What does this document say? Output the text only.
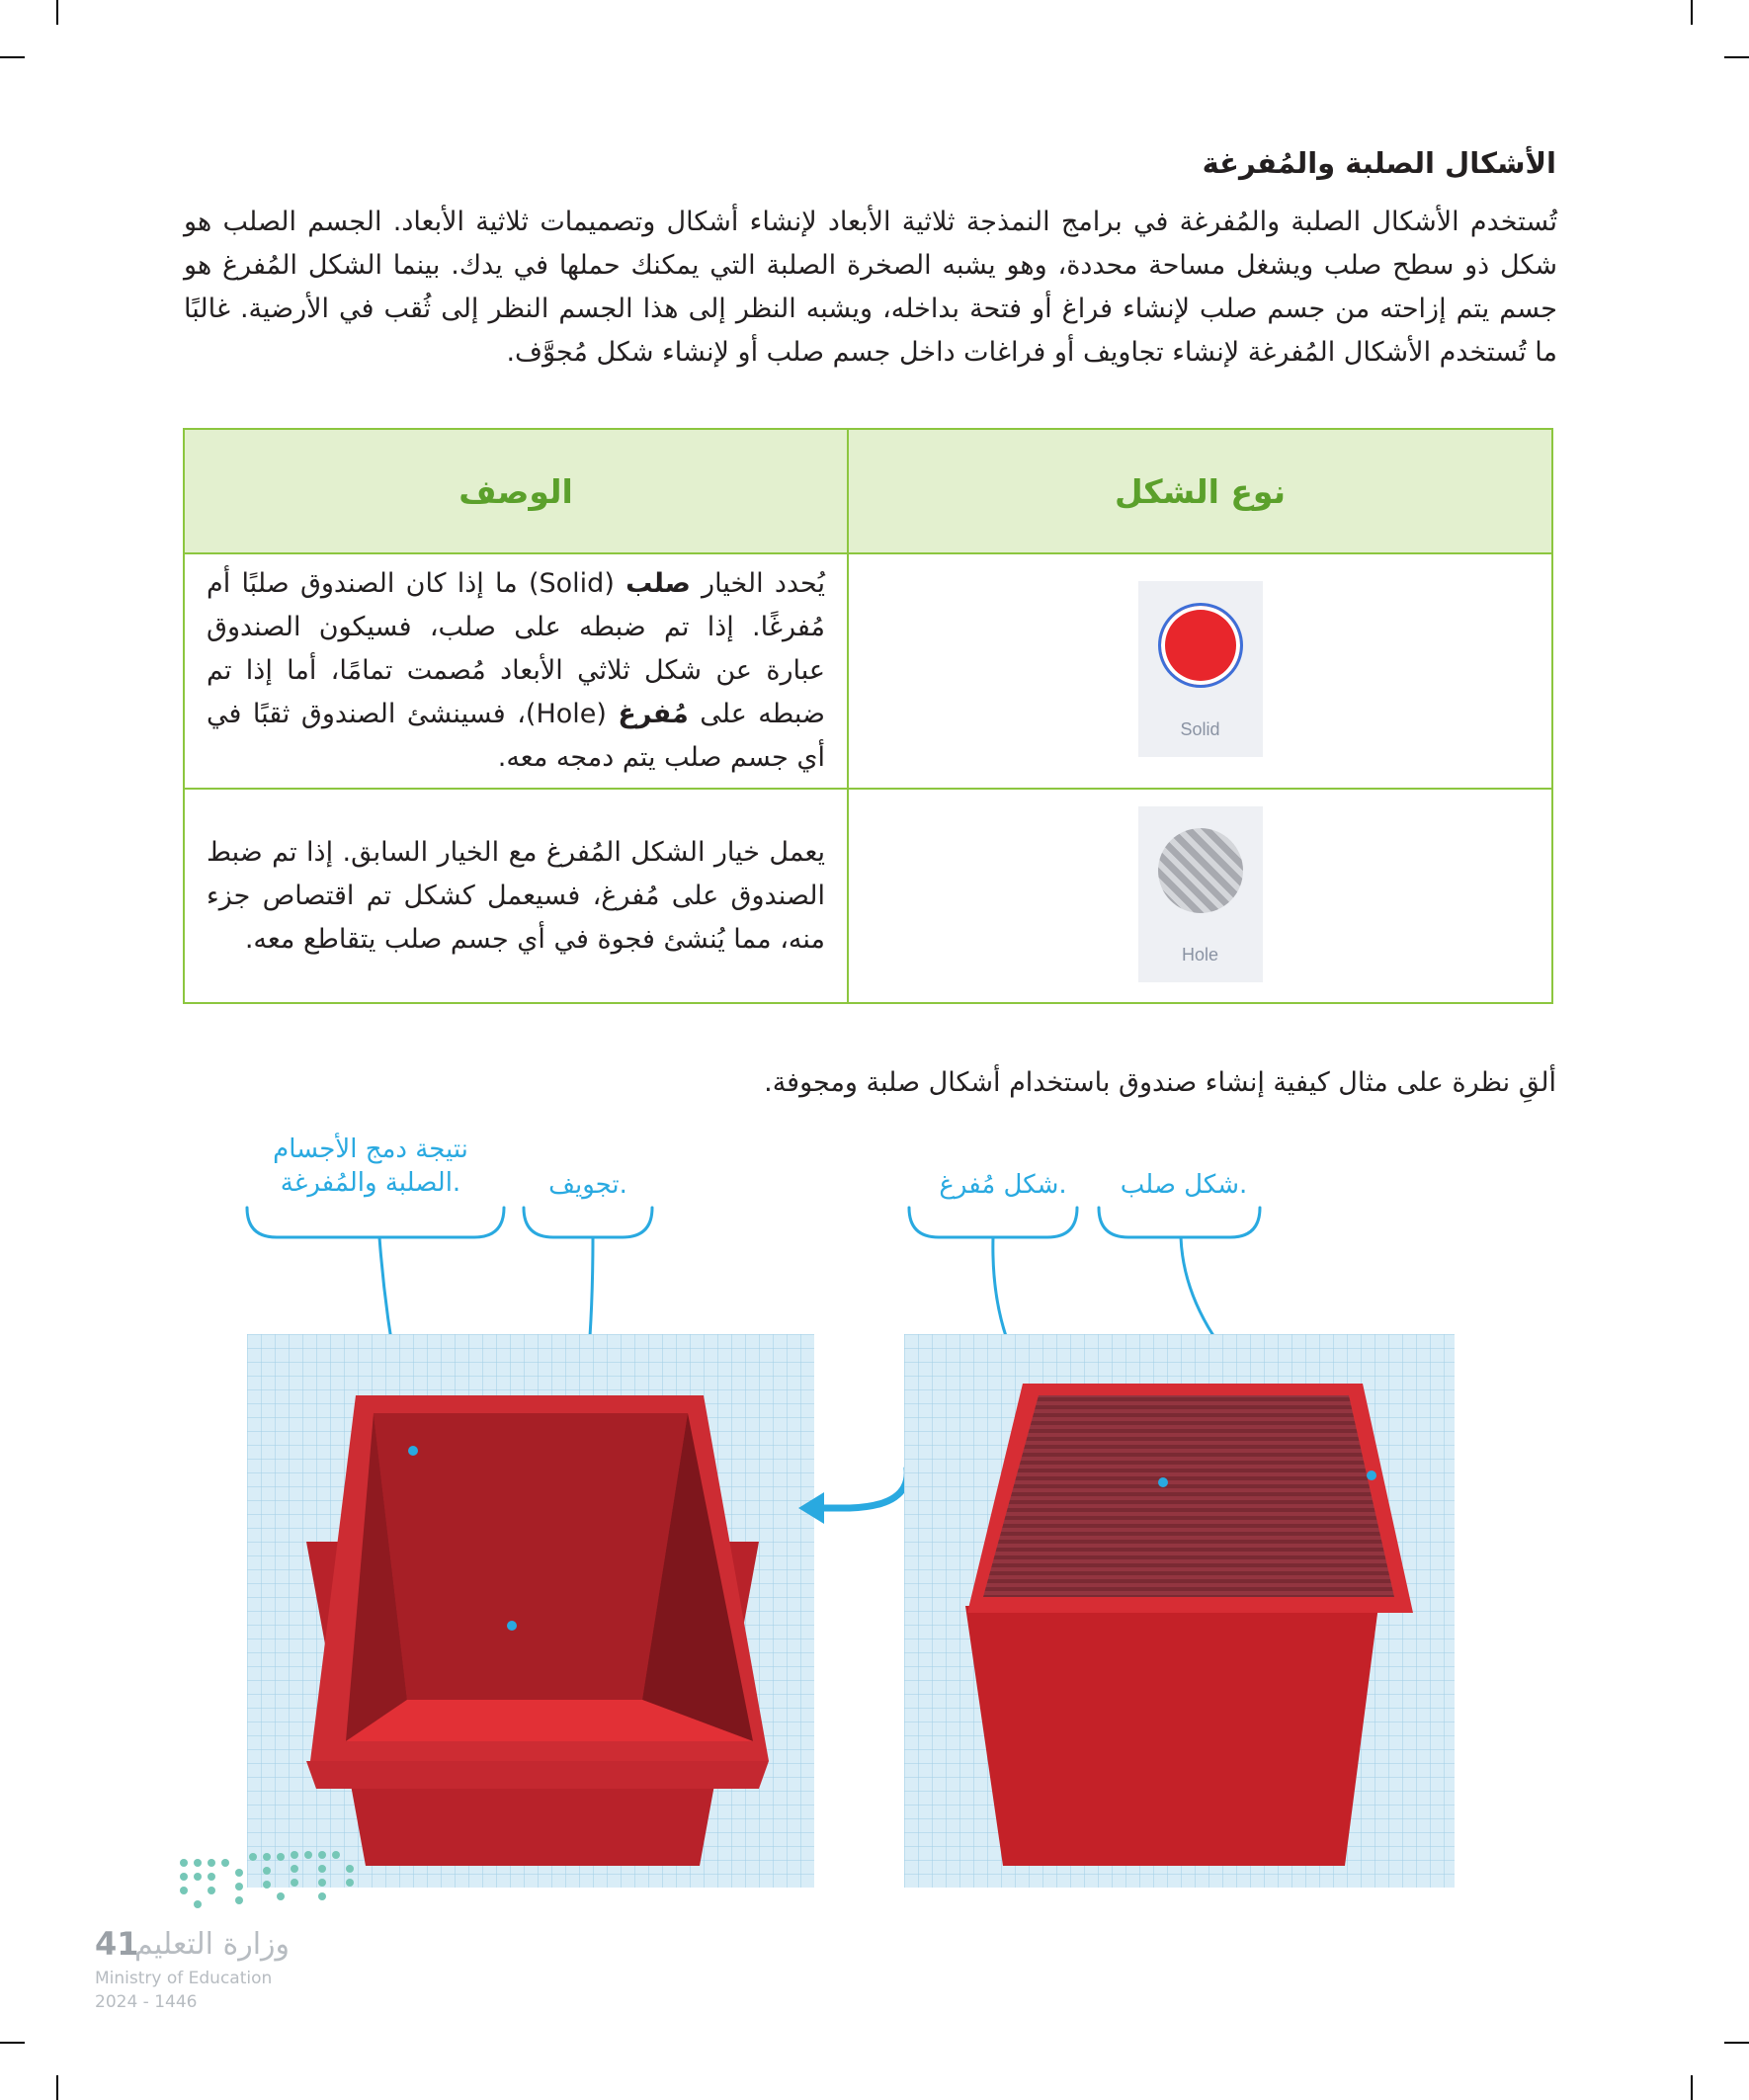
الأشكال الصلبة والمُفرغة
تُستخدم الأشكال الصلبة والمُفرغة في برامج النمذجة ثلاثية الأبعاد لإنشاء أشكال وتصميمات ثلاثية الأبعاد. الجسم الصلب هو شكل ذو سطح صلب ويشغل مساحة محددة، وهو يشبه الصخرة الصلبة التي يمكنك حملها في يدك. بينما الشكل المُفرغ هو جسم يتم إزاحته من جسم صلب لإنشاء فراغ أو فتحة بداخله، ويشبه النظر إلى هذا الجسم النظر إلى ثُقب في الأرضية. غالبًا ما تُستخدم الأشكال المُفرغة لإنشاء تجاويف أو فراغات داخل جسم صلب أو لإنشاء شكل مُجوَّف.
نوع الشكل	الوصف

Solid	يُحدد الخيار صلب (Solid) ما إذا كان الصندوق صلبًا أم مُفرغًا. إذا تم ضبطه على صلب، فسيكون الصندوق عبارة عن شكل ثلاثي الأبعاد مُصمت تمامًا، أما إذا تم ضبطه على مُفرغ (Hole)، فسينشئ الصندوق ثقبًا في أي جسم صلب يتم دمجه معه.

Hole	يعمل خيار الشكل المُفرغ مع الخيار السابق. إذا تم ضبط الصندوق على مُفرغ، فسيعمل كشكل تم اقتصاص جزء منه، مما يُنشئ فجوة في أي جسم صلب يتقاطع معه.
ألقِ نظرة على مثال كيفية إنشاء صندوق باستخدام أشكال صلبة ومجوفة.
نتيجة دمج الأجسام
الصلبة والمُفرغة.	تجويف.	شكل مُفرغ.	شكل صلب.
41
وزارة التعليم
Ministry of Education
2024 - 1446
